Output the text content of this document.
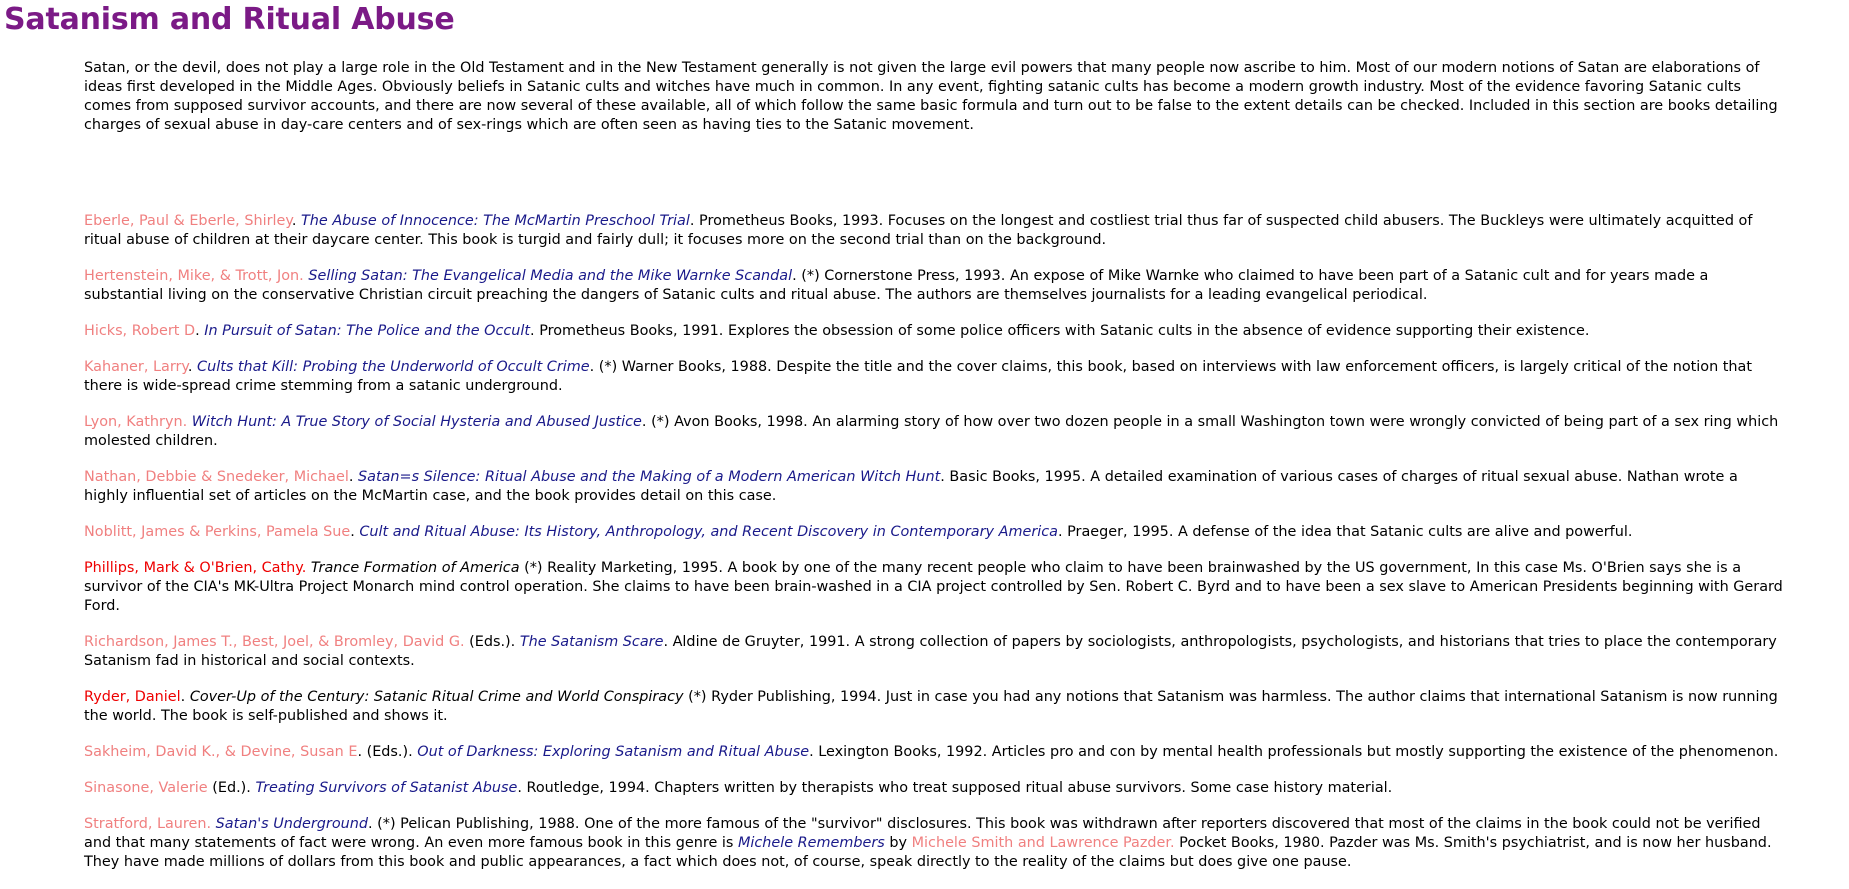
Satanism and Ritual Abuse

Satan, or the devil, does not play a large role in the Old Testament and in the New Testament generally is not given the large evil powers that many people now ascribe to him. Most of our modern notions of Satan are elaborations of ideas first developed in the Middle Ages. Obviously beliefs in Satanic cults and witches have much in common. In any event, fighting satanic cults has become a modern growth industry. Most of the evidence favoring Satanic cults comes from supposed survivor accounts, and there are now several of these available, all of which follow the same basic formula and turn out to be false to the extent details can be checked. Included in this section are books detailing charges of sexual abuse in day-care centers and of sex-rings which are often seen as having ties to the Satanic movement.

Eberle, Paul & Eberle, Shirley. The Abuse of Innocence: The McMartin Preschool Trial. Prometheus Books, 1993. Focuses on the longest and costliest trial thus far of suspected child abusers. The Buckleys were ultimately acquitted of ritual abuse of children at their daycare center. This book is turgid and fairly dull; it focuses more on the second trial than on the background.

Hertenstein, Mike, & Trott, Jon. Selling Satan: The Evangelical Media and the Mike Warnke Scandal. (*) Cornerstone Press, 1993. An expose of Mike Warnke who claimed to have been part of a Satanic cult and for years made a substantial living on the conservative Christian circuit preaching the dangers of Satanic cults and ritual abuse. The authors are themselves journalists for a leading evangelical periodical.

Hicks, Robert D. In Pursuit of Satan: The Police and the Occult. Prometheus Books, 1991. Explores the obsession of some police officers with Satanic cults in the absence of evidence supporting their existence.

Kahaner, Larry. Cults that Kill: Probing the Underworld of Occult Crime. (*) Warner Books, 1988. Despite the title and the cover claims, this book, based on interviews with law enforcement officers, is largely critical of the notion that there is wide-spread crime stemming from a satanic underground.

Lyon, Kathryn. Witch Hunt: A True Story of Social Hysteria and Abused Justice. (*) Avon Books, 1998. An alarming story of how over two dozen people in a small Washington town were wrongly convicted of being part of a sex ring which molested children.

Nathan, Debbie & Snedeker, Michael. Satan=s Silence: Ritual Abuse and the Making of a Modern American Witch Hunt. Basic Books, 1995. A detailed examination of various cases of charges of ritual sexual abuse. Nathan wrote a highly influential set of articles on the McMartin case, and the book provides detail on this case.

Noblitt, James & Perkins, Pamela Sue. Cult and Ritual Abuse: Its History, Anthropology, and Recent Discovery in Contemporary America. Praeger, 1995. A defense of the idea that Satanic cults are alive and powerful.

Phillips, Mark & O'Brien, Cathy. Trance Formation of America (*) Reality Marketing, 1995. A book by one of the many recent people who claim to have been brainwashed by the US government, In this case Ms. O'Brien says she is a survivor of the CIA's MK-Ultra Project Monarch mind control operation. She claims to have been brain-washed in a CIA project controlled by Sen. Robert C. Byrd and to have been a sex slave to American Presidents beginning with Gerard Ford.

Richardson, James T., Best, Joel, & Bromley, David G. (Eds.). The Satanism Scare. Aldine de Gruyter, 1991. A strong collection of papers by sociologists, anthropologists, psychologists, and historians that tries to place the contemporary Satanism fad in historical and social contexts.

Ryder, Daniel. Cover-Up of the Century: Satanic Ritual Crime and World Conspiracy (*) Ryder Publishing, 1994. Just in case you had any notions that Satanism was harmless. The author claims that international Satanism is now running the world. The book is self-published and shows it.

Sakheim, David K., & Devine, Susan E. (Eds.). Out of Darkness: Exploring Satanism and Ritual Abuse. Lexington Books, 1992. Articles pro and con by mental health professionals but mostly supporting the existence of the phenomenon.

Sinasone, Valerie (Ed.). Treating Survivors of Satanist Abuse. Routledge, 1994. Chapters written by therapists who treat supposed ritual abuse survivors. Some case history material.

Stratford, Lauren. Satan's Underground. (*) Pelican Publishing, 1988. One of the more famous of the "survivor" disclosures. This book was withdrawn after reporters discovered that most of the claims in the book could not be verified and that many statements of fact were wrong. An even more famous book in this genre is Michele Remembers by Michele Smith and Lawrence Pazder. Pocket Books, 1980. Pazder was Ms. Smith's psychiatrist, and is now her husband. They have made millions of dollars from this book and public appearances, a fact which does not, of course, speak directly to the reality of the claims but does give one pause.
